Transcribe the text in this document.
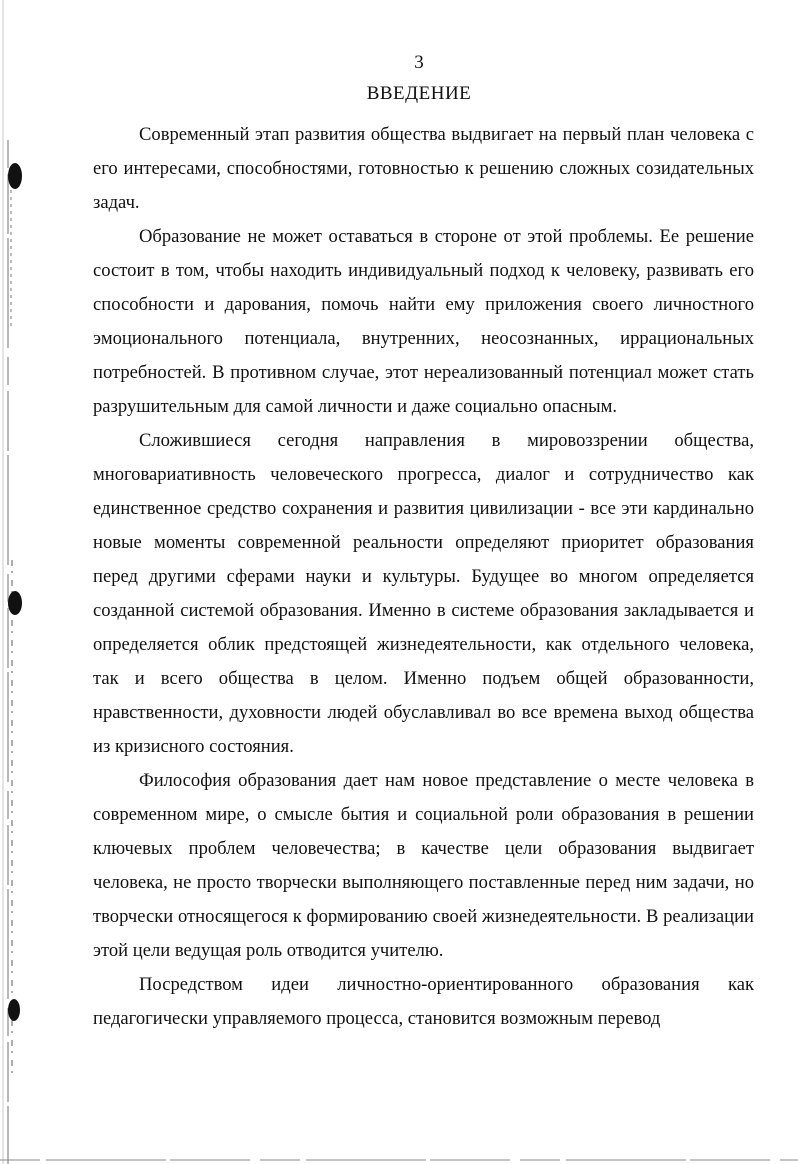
3
ВВЕДЕНИЕ

Современный этап развития общества выдвигает на первый план человека с его интересами, способностями, готовностью к решению сложных созидательных задач.

Образование не может оставаться в стороне от этой проблемы. Ее решение состоит в том, чтобы находить индивидуальный подход к человеку, развивать его способности и дарования, помочь найти ему приложения своего личностного эмоционального потенциала, внутренних, неосознанных, иррациональных потребностей. В противном случае, этот нереализованный потенциал может стать разрушительным для самой личности и даже социально опасным.

Сложившиеся сегодня направления в мировоззрении общества, многовариативность человеческого прогресса, диалог и сотрудничество как единственное средство сохранения и развития цивилизации - все эти кардинально новые моменты современной реальности определяют приоритет образования перед другими сферами науки и культуры. Будущее во многом определяется созданной системой образования. Именно в системе образования закладывается и определяется облик предстоящей жизнедеятельности, как отдельного человека, так и всего общества в целом. Именно подъем общей образованности, нравственности, духовности людей обуславливал во все времена выход общества из кризисного состояния.

Философия образования дает нам новое представление о месте человека в современном мире, о смысле бытия и социальной роли образования в решении ключевых проблем человечества; в качестве цели образования выдвигает человека, не просто творчески выполняющего поставленные перед ним задачи, но творчески относящегося к формированию своей жизнедеятельности. В реализации этой цели ведущая роль отводится учителю.

Посредством идеи личностно-ориентированного образования как педагогически управляемого процесса, становится возможным перевод
